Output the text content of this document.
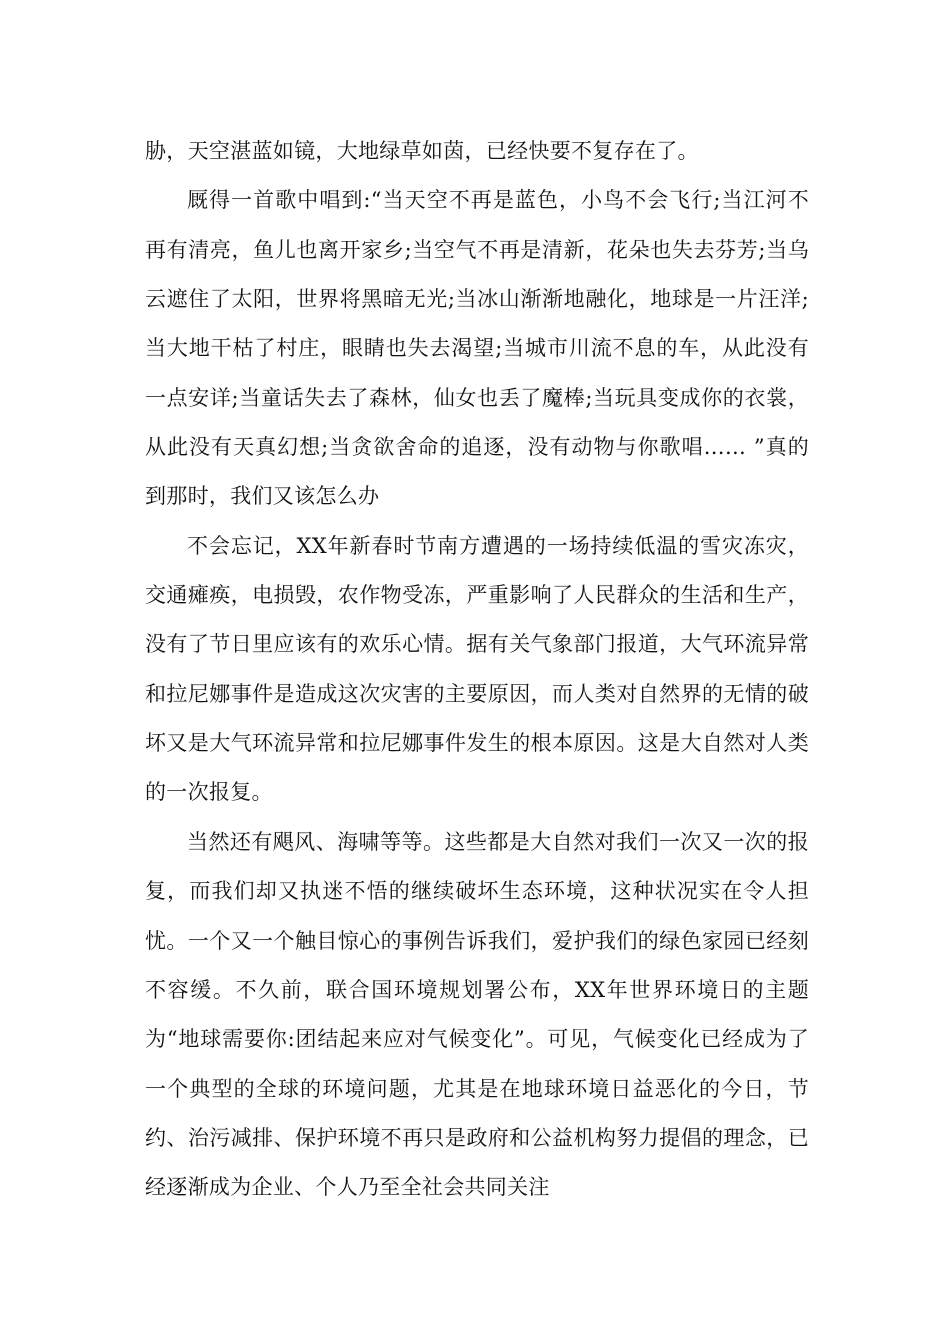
胁，天空湛蓝如镜，大地绿草如茵，已经快要不复存在了。

厩得一首歌中唱到:“当天空不再是蓝色，小鸟不会飞行;当江河不再有清亮，鱼儿也离开家乡;当空气不再是清新，花朵也失去芬芳;当乌云遮住了太阳，世界将黑暗无光;当冰山渐渐地融化，地球是一片汪洋;当大地干枯了村庄，眼睛也失去渴望;当城市川流不息的车，从此没有一点安详;当童话失去了森林，仙女也丢了魔棒;当玩具变成你的衣裳，从此没有天真幻想;当贪欲舍命的追逐，没有动物与你歌唱…… ”真的到那时，我们又该怎么办

不会忘记，XX年新春时节南方遭遇的一场持续低温的雪灾冻灾，交通瘫痪，电损毁，农作物受冻，严重影响了人民群众的生活和生产，没有了节日里应该有的欢乐心情。据有关气象部门报道，大气环流异常和拉尼娜事件是造成这次灾害的主要原因，而人类对自然界的无情的破坏又是大气环流异常和拉尼娜事件发生的根本原因。这是大自然对人类的一次报复。

当然还有飓风、海啸等等。这些都是大自然对我们一次又一次的报复，而我们却又执迷不悟的继续破坏生态环境，这种状况实在令人担忧。一个又一个触目惊心的事例告诉我们，爱护我们的绿色家园已经刻不容缓。不久前，联合国环境规划署公布，XX年世界环境日的主题为“地球需要你:团结起来应对气候变化”。可见，气候变化已经成为了一个典型的全球的环境问题，尤其是在地球环境日益恶化的今日，节约、治污减排、保护环境不再只是政府和公益机构努力提倡的理念，已经逐渐成为企业、个人乃至全社会共同关注
